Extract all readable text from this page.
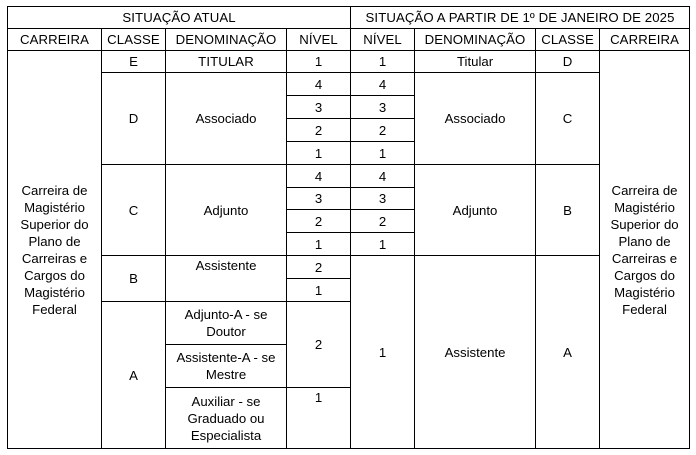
SITUAÇÃO ATUAL				SITUAÇÃO A PARTIR DE 1º DE JANEIRO DE 2025			
CARREIRA	CLASSE	DENOMINAÇÃO	NÍVEL	NÍVEL	DENOMINAÇÃO	CLASSE	CARREIRA
Carreira de Magistério Superior do Plano de Carreiras e Cargos do Magistério Federal	E	TITULAR	1	1	Titular	D	Carreira de Magistério Superior do Plano de Carreiras e Cargos do Magistério Federal
	D	Associado	4	4	Associado	C	
			3	3			
			2	2			
			1	1			
	C	Adjunto	4	4	Adjunto	B	
			3	3			
			2	2			
			1	1			
	B	Assistente	2	1	Assistente	A	
			1				
	A	Adjunto-A - se Doutor	2				
		Assistente-A - se Mestre					
		Auxiliar - se Graduado ou Especialista	1				
